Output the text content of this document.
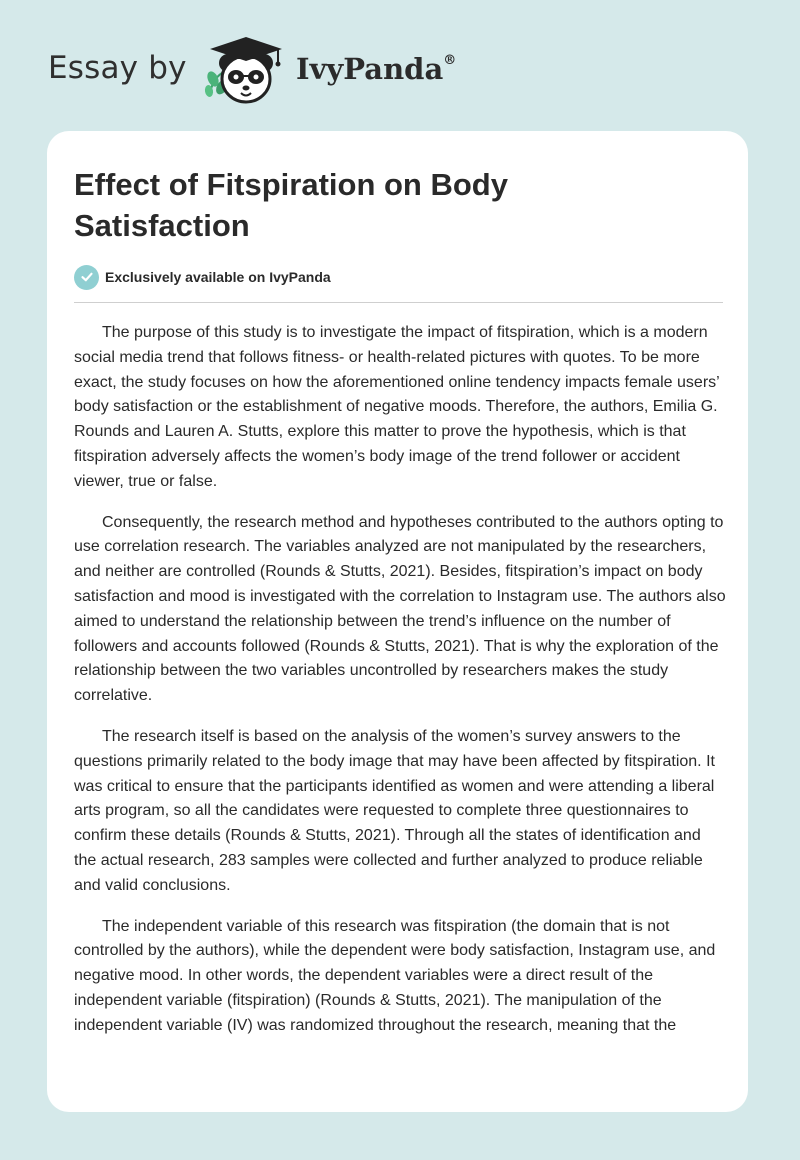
Essay by	IvyPanda®
Effect of Fitspiration on Body Satisfaction
Exclusively available on IvyPanda

The purpose of this study is to investigate the impact of fitspiration, which is a modern social media trend that follows fitness- or health-related pictures with quotes. To be more exact, the study focuses on how the aforementioned online tendency impacts female users’ body satisfaction or the establishment of negative moods. Therefore, the authors, Emilia G. Rounds and Lauren A. Stutts, explore this matter to prove the hypothesis, which is that fitspiration adversely affects the women’s body image of the trend follower or accident viewer, true or false.

Consequently, the research method and hypotheses contributed to the authors opting to use correlation research. The variables analyzed are not manipulated by the researchers, and neither are controlled (Rounds & Stutts, 2021). Besides, fitspiration’s impact on body satisfaction and mood is investigated with the correlation to Instagram use. The authors also aimed to understand the relationship between the trend’s influence on the number of followers and accounts followed (Rounds & Stutts, 2021). That is why the exploration of the relationship between the two variables uncontrolled by researchers makes the study correlative.

The research itself is based on the analysis of the women’s survey answers to the questions primarily related to the body image that may have been affected by fitspiration. It was critical to ensure that the participants identified as women and were attending a liberal arts program, so all the candidates were requested to complete three questionnaires to confirm these details (Rounds & Stutts, 2021). Through all the states of identification and the actual research, 283 samples were collected and further analyzed to produce reliable and valid conclusions.

The independent variable of this research was fitspiration (the domain that is not controlled by the authors), while the dependent were body satisfaction, Instagram use, and negative mood. In other words, the dependent variables were a direct result of the independent variable (fitspiration) (Rounds & Stutts, 2021). The manipulation of the independent variable (IV) was randomized throughout the research, meaning that the
